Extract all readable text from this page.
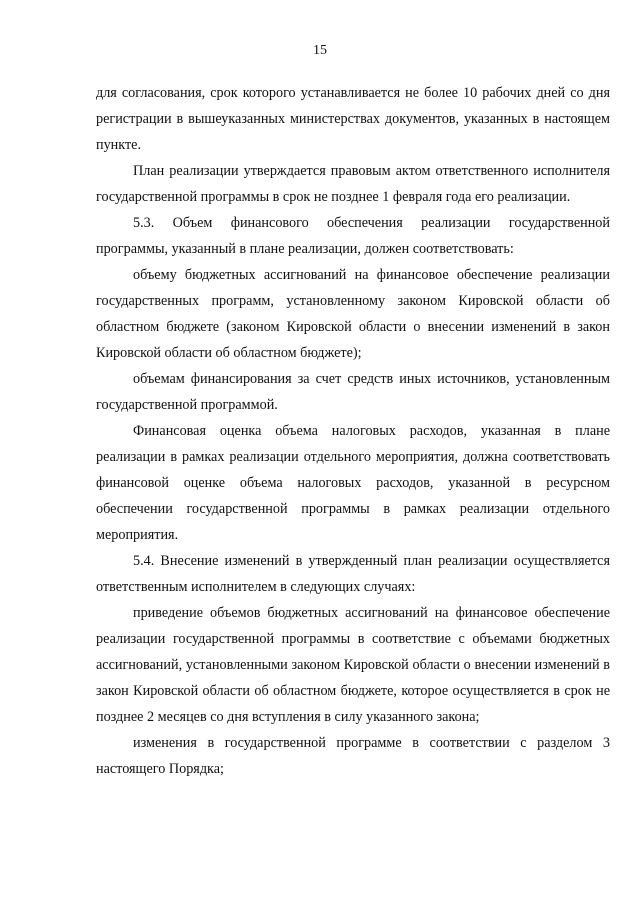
15

для согласования, срок которого устанавливается не более 10 рабочих дней со дня регистрации в вышеуказанных министерствах документов, указанных в настоящем пункте.

План реализации утверждается правовым актом ответственного исполнителя государственной программы в срок не позднее 1 февраля года его реализации.

5.3. Объем финансового обеспечения реализации государственной программы, указанный в плане реализации, должен соответствовать:

объему бюджетных ассигнований на финансовое обеспечение реализации государственных программ, установленному законом Кировской области об областном бюджете (законом Кировской области о внесении изменений в закон Кировской области об областном бюджете);

объемам финансирования за счет средств иных источников, установленным государственной программой.

Финансовая оценка объема налоговых расходов, указанная в плане реализации в рамках реализации отдельного мероприятия, должна соответствовать финансовой оценке объема налоговых расходов, указанной в ресурсном обеспечении государственной программы в рамках реализации отдельного мероприятия.

5.4. Внесение изменений в утвержденный план реализации осуществляется ответственным исполнителем в следующих случаях:

приведение объемов бюджетных ассигнований на финансовое обеспечение реализации государственной программы в соответствие с объемами бюджетных ассигнований, установленными законом Кировской области о внесении изменений в закон Кировской области об областном бюджете, которое осуществляется в срок не позднее 2 месяцев со дня вступления в силу указанного закона;

изменения в государственной программе в соответствии с разделом 3 настоящего Порядка;
